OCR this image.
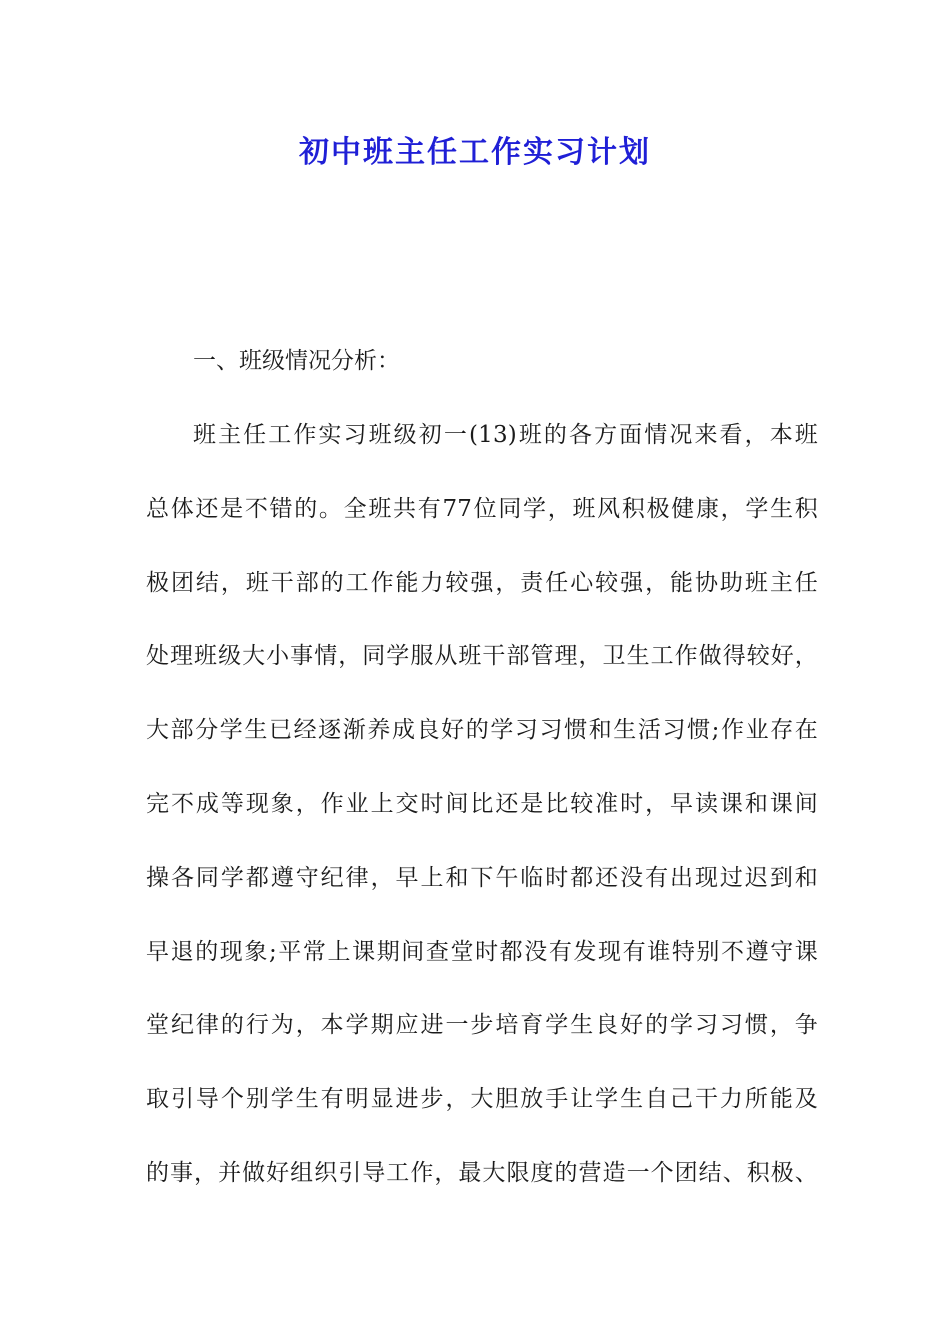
初中班主任工作实习计划

一、班级情况分析：

班主任工作实习班级初一(13)班的各方面情况来看，本班
总体还是不错的。全班共有77位同学，班风积极健康，学生积
极团结，班干部的工作能力较强，责任心较强，能协助班主任
处理班级大小事情，同学服从班干部管理，卫生工作做得较好，
大部分学生已经逐渐养成良好的学习习惯和生活习惯;作业存在
完不成等现象，作业上交时间比还是比较准时，早读课和课间
操各同学都遵守纪律，早上和下午临时都还没有出现过迟到和
早退的现象;平常上课期间查堂时都没有发现有谁特别不遵守课
堂纪律的行为，本学期应进一步培育学生良好的学习习惯，争
取引导个别学生有明显进步，大胆放手让学生自己干力所能及
的事，并做好组织引导工作，最大限度的营造一个团结、积极、
